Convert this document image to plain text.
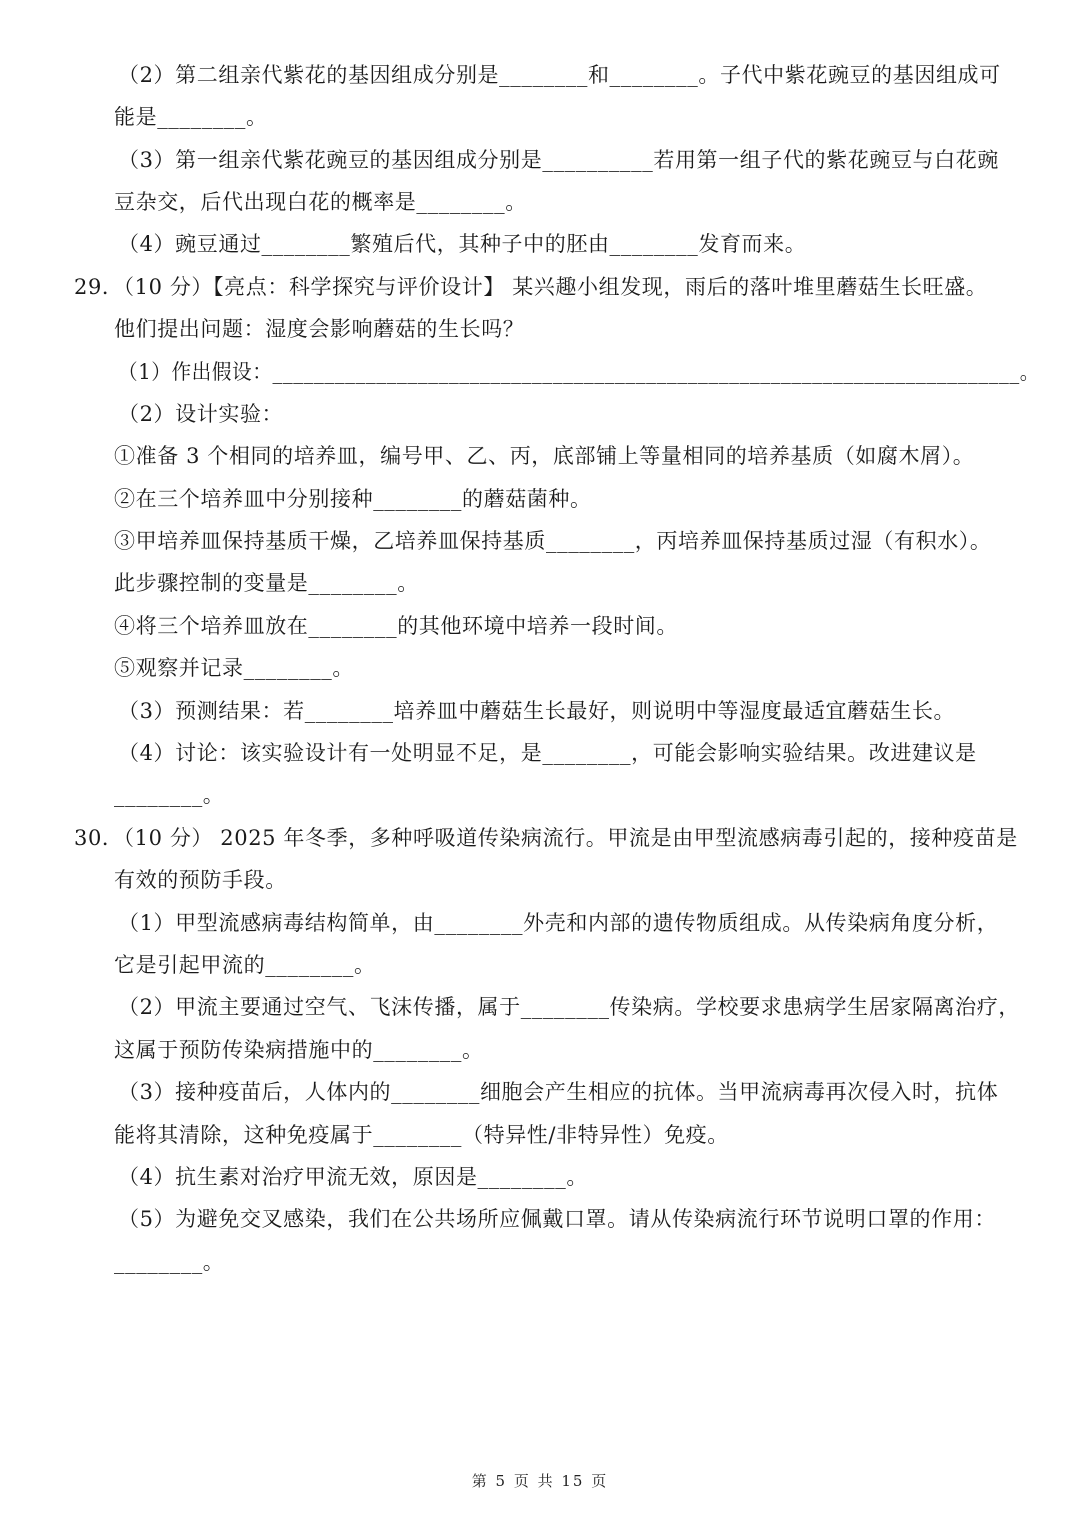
（2）第二组亲代紫花的基因组成分别是________和________。子代中紫花豌豆的基因组成可
能是________。
（3）第一组亲代紫花豌豆的基因组成分别是__________若用第一组子代的紫花豌豆与白花豌
豆杂交，后代出现白花的概率是________。
（4）豌豆通过________繁殖后代，其种子中的胚由________发育而来。
29．（10 分）【亮点：科学探究与评价设计】 某兴趣小组发现，雨后的落叶堆里蘑菇生长旺盛。
他们提出问题：湿度会影响蘑菇的生长吗？
（1）作出假设：________________________________________________________________________。
（2）设计实验：
①准备 3 个相同的培养皿，编号甲、乙、丙，底部铺上等量相同的培养基质（如腐木屑）。
②在三个培养皿中分别接种________的蘑菇菌种。
③甲培养皿保持基质干燥，乙培养皿保持基质________，丙培养皿保持基质过湿（有积水）。
此步骤控制的变量是________。
④将三个培养皿放在________的其他环境中培养一段时间。
⑤观察并记录________。
（3）预测结果：若________培养皿中蘑菇生长最好，则说明中等湿度最适宜蘑菇生长。
（4）讨论：该实验设计有一处明显不足，是________，可能会影响实验结果。改进建议是
________。
30．（10 分） 2025 年冬季，多种呼吸道传染病流行。甲流是由甲型流感病毒引起的，接种疫苗是
有效的预防手段。
（1）甲型流感病毒结构简单，由________外壳和内部的遗传物质组成。从传染病角度分析，
它是引起甲流的________。
（2）甲流主要通过空气、飞沫传播，属于________传染病。学校要求患病学生居家隔离治疗，
这属于预防传染病措施中的________。
（3）接种疫苗后，人体内的________细胞会产生相应的抗体。当甲流病毒再次侵入时，抗体
能将其清除，这种免疫属于________（特异性/非特异性）免疫。
（4）抗生素对治疗甲流无效，原因是________。
（5）为避免交叉感染，我们在公共场所应佩戴口罩。请从传染病流行环节说明口罩的作用：
________。
第 5 页 共 15 页
